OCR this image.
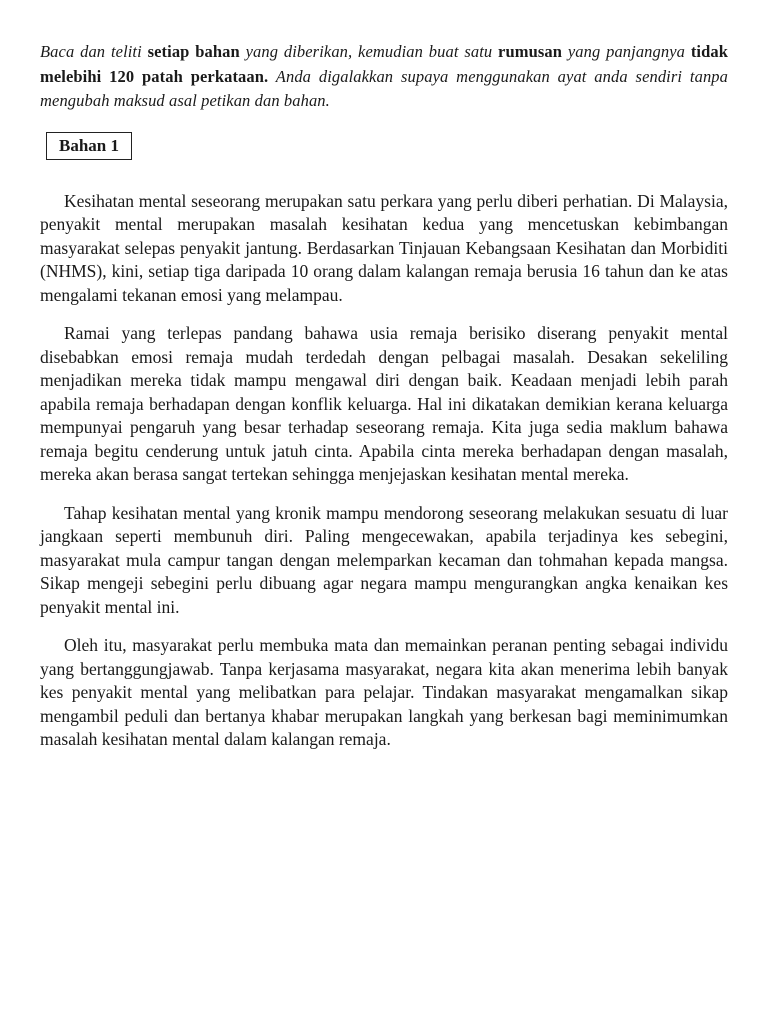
Baca dan teliti setiap bahan yang diberikan, kemudian buat satu rumusan yang panjangnya tidak melebihi 120 patah perkataan. Anda digalakkan supaya menggunakan ayat anda sendiri tanpa mengubah maksud asal petikan dan bahan.

Bahan 1

Kesihatan mental seseorang merupakan satu perkara yang perlu diberi perhatian. Di Malaysia, penyakit mental merupakan masalah kesihatan kedua yang mencetuskan kebimbangan masyarakat selepas penyakit jantung. Berdasarkan Tinjauan Kebangsaan Kesihatan dan Morbiditi (NHMS), kini, setiap tiga daripada 10 orang dalam kalangan remaja berusia 16 tahun dan ke atas mengalami tekanan emosi yang melampau.

Ramai yang terlepas pandang bahawa usia remaja berisiko diserang penyakit mental disebabkan emosi remaja mudah terdedah dengan pelbagai masalah. Desakan sekeliling menjadikan mereka tidak mampu mengawal diri dengan baik. Keadaan menjadi lebih parah apabila remaja berhadapan dengan konflik keluarga. Hal ini dikatakan demikian kerana keluarga mempunyai pengaruh yang besar terhadap seseorang remaja. Kita juga sedia maklum bahawa remaja begitu cenderung untuk jatuh cinta. Apabila cinta mereka berhadapan dengan masalah, mereka akan berasa sangat tertekan sehingga menjejaskan kesihatan mental mereka.

Tahap kesihatan mental yang kronik mampu mendorong seseorang melakukan sesuatu di luar jangkaan seperti membunuh diri. Paling mengecewakan, apabila terjadinya kes sebegini, masyarakat mula campur tangan dengan melemparkan kecaman dan tohmahan kepada mangsa. Sikap mengeji sebegini perlu dibuang agar negara mampu mengurangkan angka kenaikan kes penyakit mental ini.

Oleh itu, masyarakat perlu membuka mata dan memainkan peranan penting sebagai individu yang bertanggungjawab. Tanpa kerjasama masyarakat, negara kita akan menerima lebih banyak kes penyakit mental yang melibatkan para pelajar. Tindakan masyarakat mengamalkan sikap mengambil peduli dan bertanya khabar merupakan langkah yang berkesan bagi meminimumkan masalah kesihatan mental dalam kalangan remaja.
